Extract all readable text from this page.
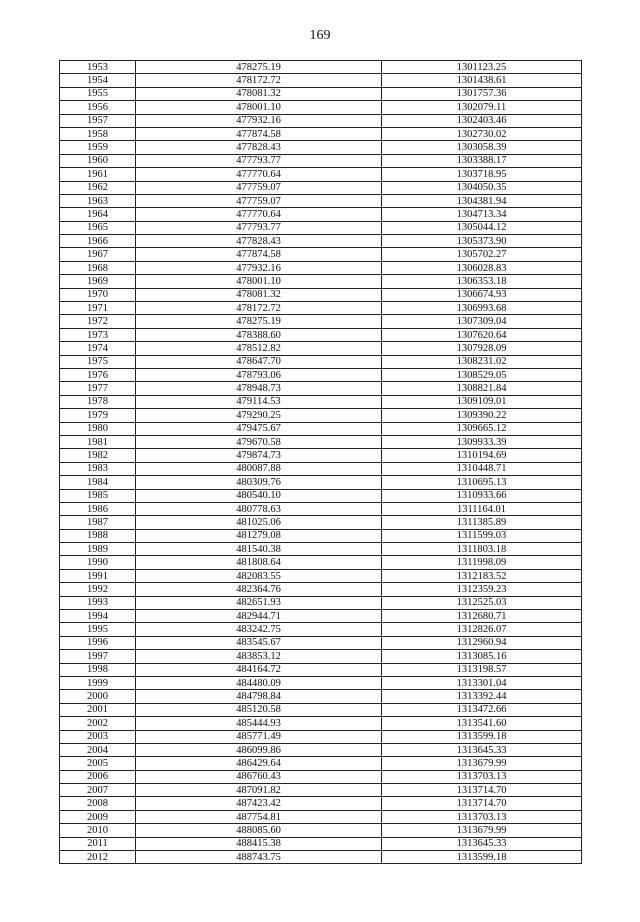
169
1953	478275.19	1301123.25
1954	478172.72	1301438.61
1955	478081.32	1301757.36
1956	478001.10	1302079.11
1957	477932.16	1302403.46
1958	477874.58	1302730.02
1959	477828.43	1303058.39
1960	477793.77	1303388.17
1961	477770.64	1303718.95
1962	477759.07	1304050.35
1963	477759.07	1304381.94
1964	477770.64	1304713.34
1965	477793.77	1305044.12
1966	477828.43	1305373.90
1967	477874.58	1305702.27
1968	477932.16	1306028.83
1969	478001.10	1306353.18
1970	478081.32	1306674.93
1971	478172.72	1306993.68
1972	478275.19	1307309.04
1973	478388.60	1307620.64
1974	478512.82	1307928.09
1975	478647.70	1308231.02
1976	478793.06	1308529.05
1977	478948.73	1308821.84
1978	479114.53	1309109.01
1979	479290.25	1309390.22
1980	479475.67	1309665.12
1981	479670.58	1309933.39
1982	479874.73	1310194.69
1983	480087.88	1310448.71
1984	480309.76	1310695.13
1985	480540.10	1310933.66
1986	480778.63	1311164.01
1987	481025.06	1311385.89
1988	481279.08	1311599.03
1989	481540.38	1311803.18
1990	481808.64	1311998.09
1991	482083.55	1312183.52
1992	482364.76	1312359.23
1993	482651.93	1312525.03
1994	482944.71	1312680.71
1995	483242.75	1312826.07
1996	483545.67	1312960.94
1997	483853.12	1313085.16
1998	484164.72	1313198.57
1999	484480.09	1313301.04
2000	484798.84	1313392.44
2001	485120.58	1313472.66
2002	485444.93	1313541.60
2003	485771.49	1313599.18
2004	486099.86	1313645.33
2005	486429.64	1313679.99
2006	486760.43	1313703.13
2007	487091.82	1313714.70
2008	487423.42	1313714.70
2009	487754.81	1313703.13
2010	488085.60	1313679.99
2011	488415.38	1313645.33
2012	488743.75	1313599.18
